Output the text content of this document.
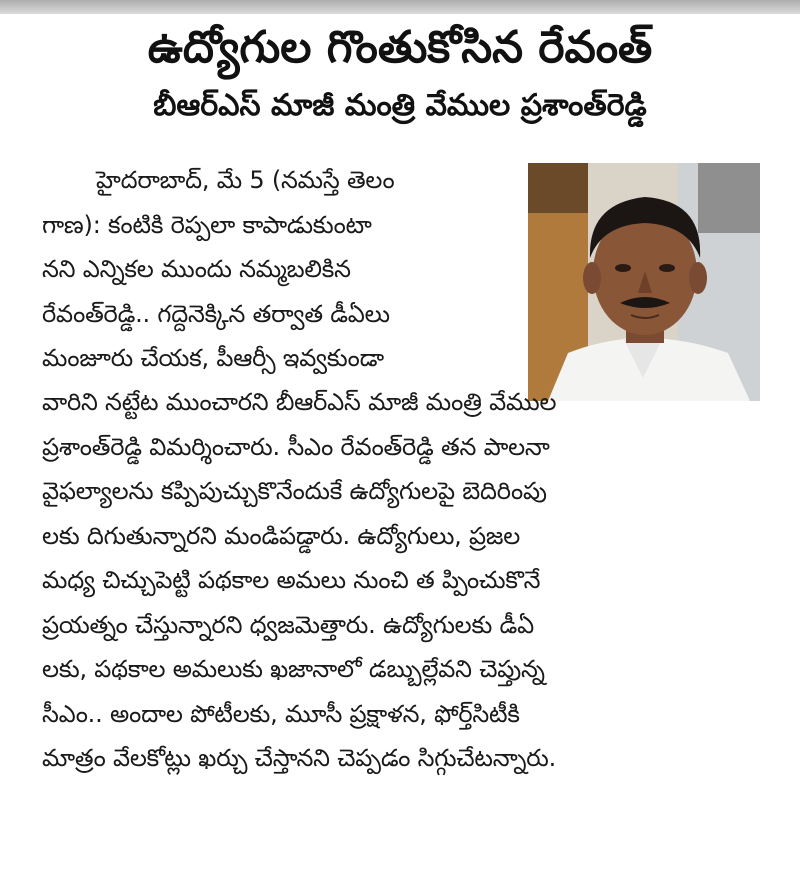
ఉద్యోగుల గొంతుకోసిన రేవంత్
బీఆర్ఎస్ మాజీ మంత్రి వేముల ప్రశాంత్‌రెడ్డి
హైదరాబాద్, మే 5 (నమస్తే తెలం
గాణ): కంటికి రెప్పలా కాపాడుకుంటా
నని ఎన్నికల ముందు నమ్మబలికిన
రేవంత్‌రెడ్డి.. గద్దెనెక్కిన తర్వాత డీఏలు
మంజూరు చేయక, పీఆర్సీ ఇవ్వకుండా
వారిని నట్టేట ముంచారని బీఆర్ఎస్ మాజీ మంత్రి వేముల
ప్రశాంత్‌రెడ్డి విమర్శించారు. సీఎం రేవంత్‌రెడ్డి తన పాలనా
వైఫల్యాలను కప్పిపుచ్చుకొనేందుకే ఉద్యోగులపై బెదిరింపు
లకు దిగుతున్నారని మండిపడ్డారు. ఉద్యోగులు, ప్రజల
మధ్య చిచ్చుపెట్టి పథకాల అమలు నుంచి త ప్పించుకొనే
ప్రయత్నం చేస్తున్నారని ధ్వజమెత్తారు. ఉద్యోగులకు డీఏ
లకు, పథకాల అమలుకు ఖజానాలో డబ్బుల్లేవని చెప్తున్న
సీఎం.. అందాల పోటీలకు, మూసీ ప్రక్షాళన, ఫోర్త్‌సిటీకి
మాత్రం వేలకోట్లు ఖర్చు చేస్తానని చెప్పడం సిగ్గుచేటన్నారు.
